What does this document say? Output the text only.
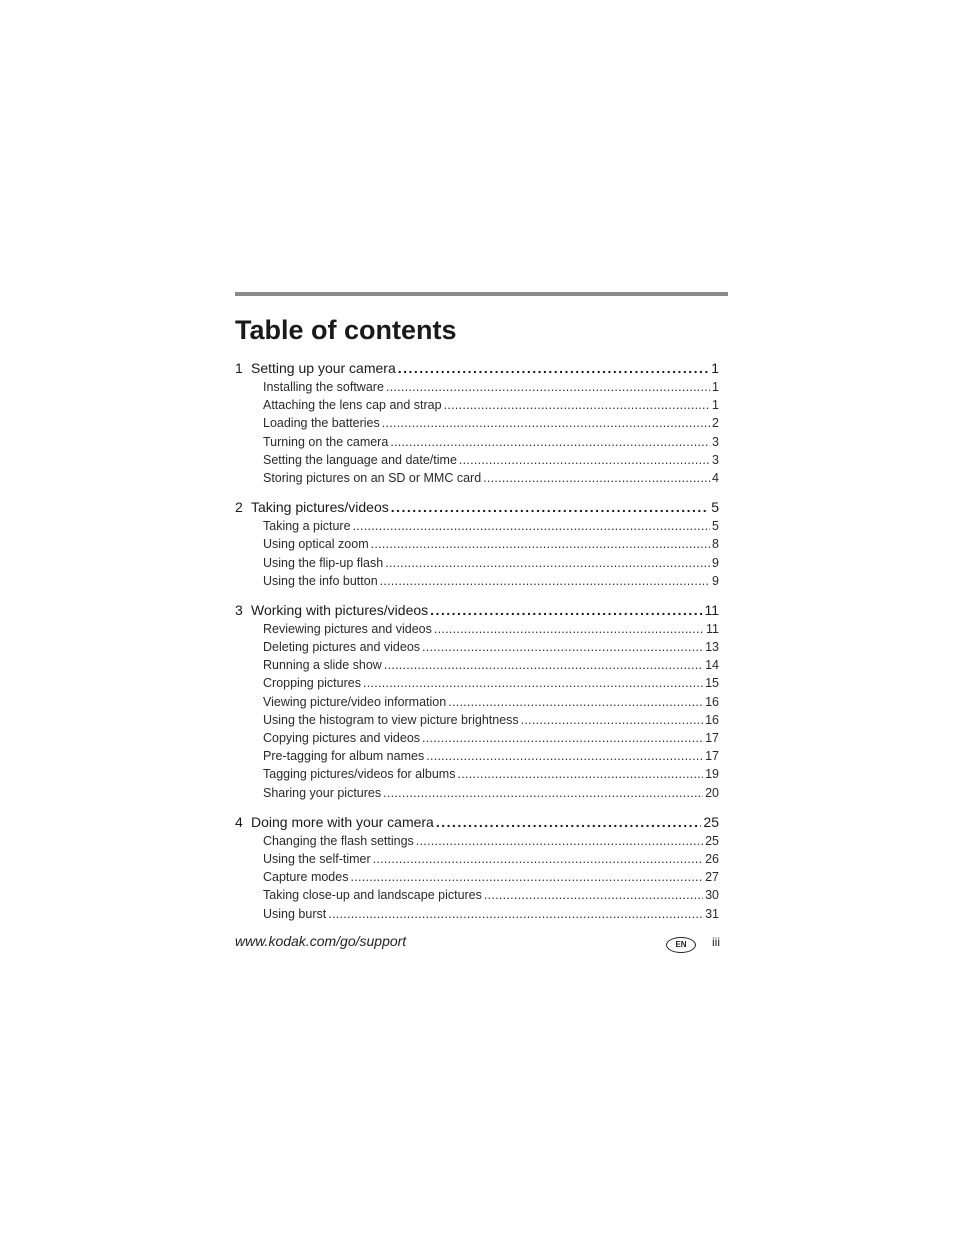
Table of contents
1 Setting up your camera . . .	1
Installing the software . . .	1
Attaching the lens cap and strap . . .	1
Loading the batteries . . .	2
Turning on the camera . . .	3
Setting the language and date/time . . .	3
Storing pictures on an SD or MMC card . . .	4
2 Taking pictures/videos . . .	5
Taking a picture . . .	5
Using optical zoom . . .	8
Using the flip-up flash . . .	9
Using the info button . . .	9
3 Working with pictures/videos . . .	11
Reviewing pictures and videos . . .	11
Deleting pictures and videos . . .	13
Running a slide show . . .	14
Cropping pictures . . .	15
Viewing picture/video information . . .	16
Using the histogram to view picture brightness . . .	16
Copying pictures and videos . . .	17
Pre-tagging for album names . . .	17
Tagging pictures/videos for albums . . .	19
Sharing your pictures . . .	20
4 Doing more with your camera . . .	25
Changing the flash settings . . .	25
Using the self-timer . . .	26
Capture modes . . .	27
Taking close-up and landscape pictures . . .	30
Using burst . . .	31
www.kodak.com/go/support	EN	iii
